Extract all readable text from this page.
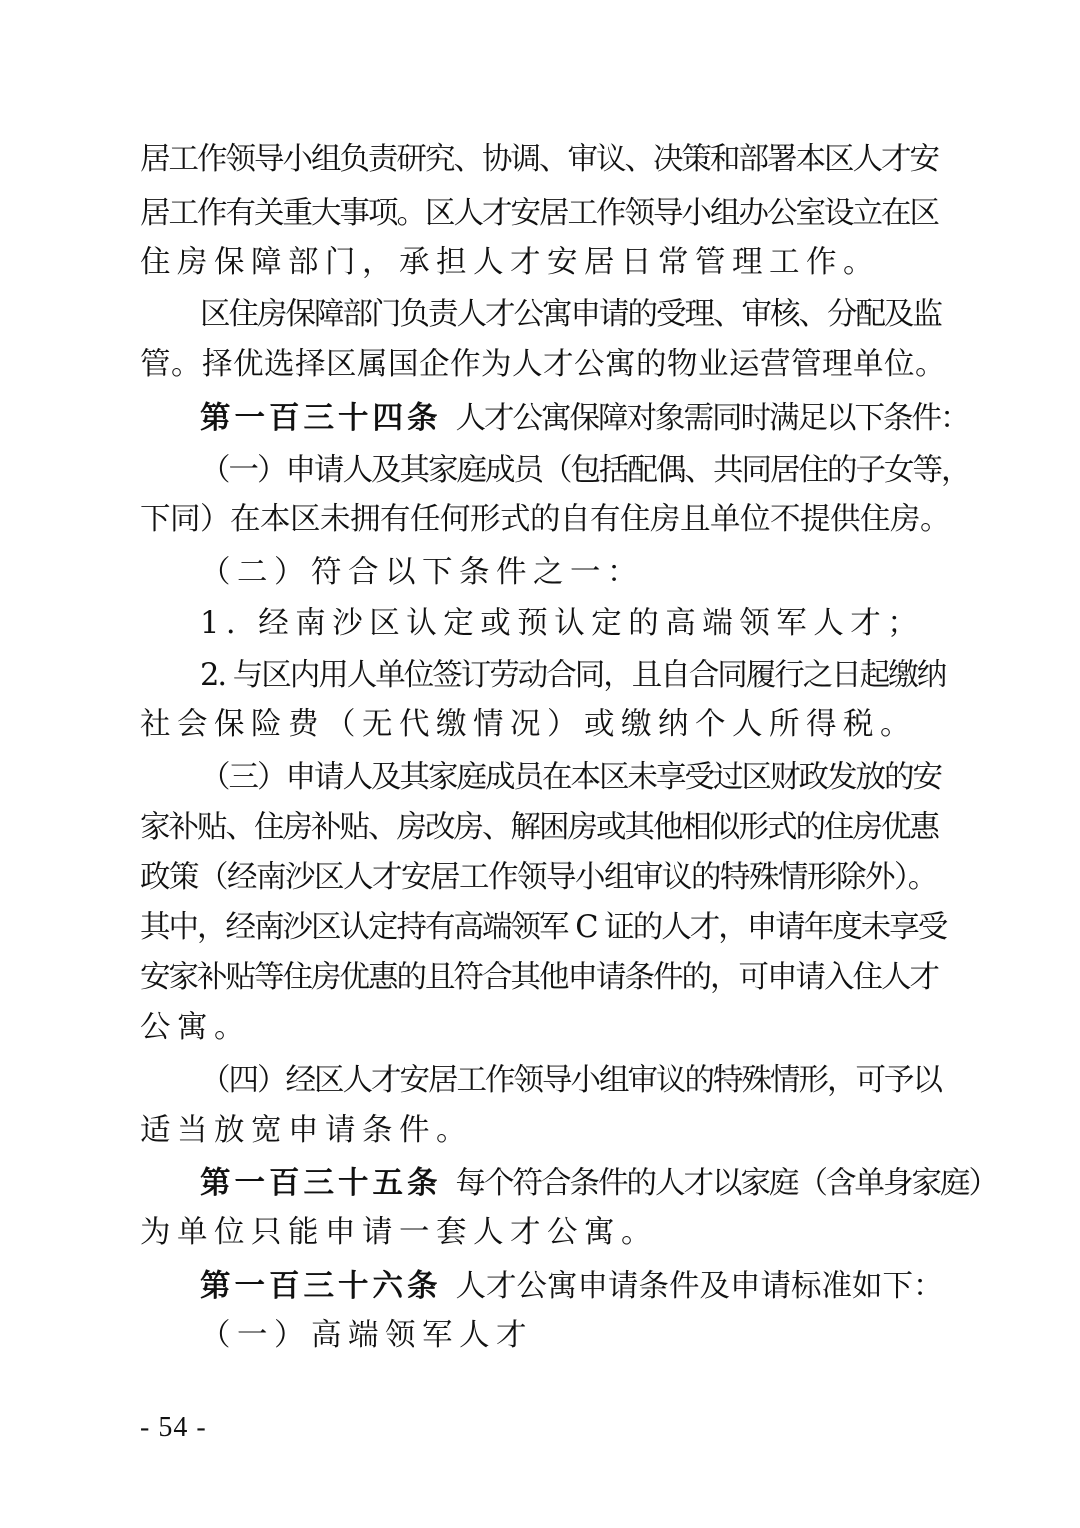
居工作领导小组负责研究、协调、审议、决策和部署本区人才安
居工作有关重大事项。区人才安居工作领导小组办公室设立在区
住房保障部门，承担人才安居日常管理工作。
区住房保障部门负责人才公寓申请的受理、审核、分配及监
管。择优选择区属国企作为人才公寓的物业运营管理单位。
第一百三十四条 人才公寓保障对象需同时满足以下条件：
（一）申请人及其家庭成员（包括配偶、共同居住的子女等，
下同）在本区未拥有任何形式的自有住房且单位不提供住房。
（二）符合以下条件之一：
1. 经南沙区认定或预认定的高端领军人才；
2. 与区内用人单位签订劳动合同，且自合同履行之日起缴纳
社会保险费（无代缴情况）或缴纳个人所得税。
（三）申请人及其家庭成员在本区未享受过区财政发放的安
家补贴、住房补贴、房改房、解困房或其他相似形式的住房优惠
政策（经南沙区人才安居工作领导小组审议的特殊情形除外）。
其中，经南沙区认定持有高端领军 C 证的人才，申请年度未享受
安家补贴等住房优惠的且符合其他申请条件的，可申请入住人才
公寓。
（四）经区人才安居工作领导小组审议的特殊情形，可予以
适当放宽申请条件。
第一百三十五条 每个符合条件的人才以家庭（含单身家庭）
为单位只能申请一套人才公寓。
第一百三十六条 人才公寓申请条件及申请标准如下：
（一）高端领军人才
- 54 -
